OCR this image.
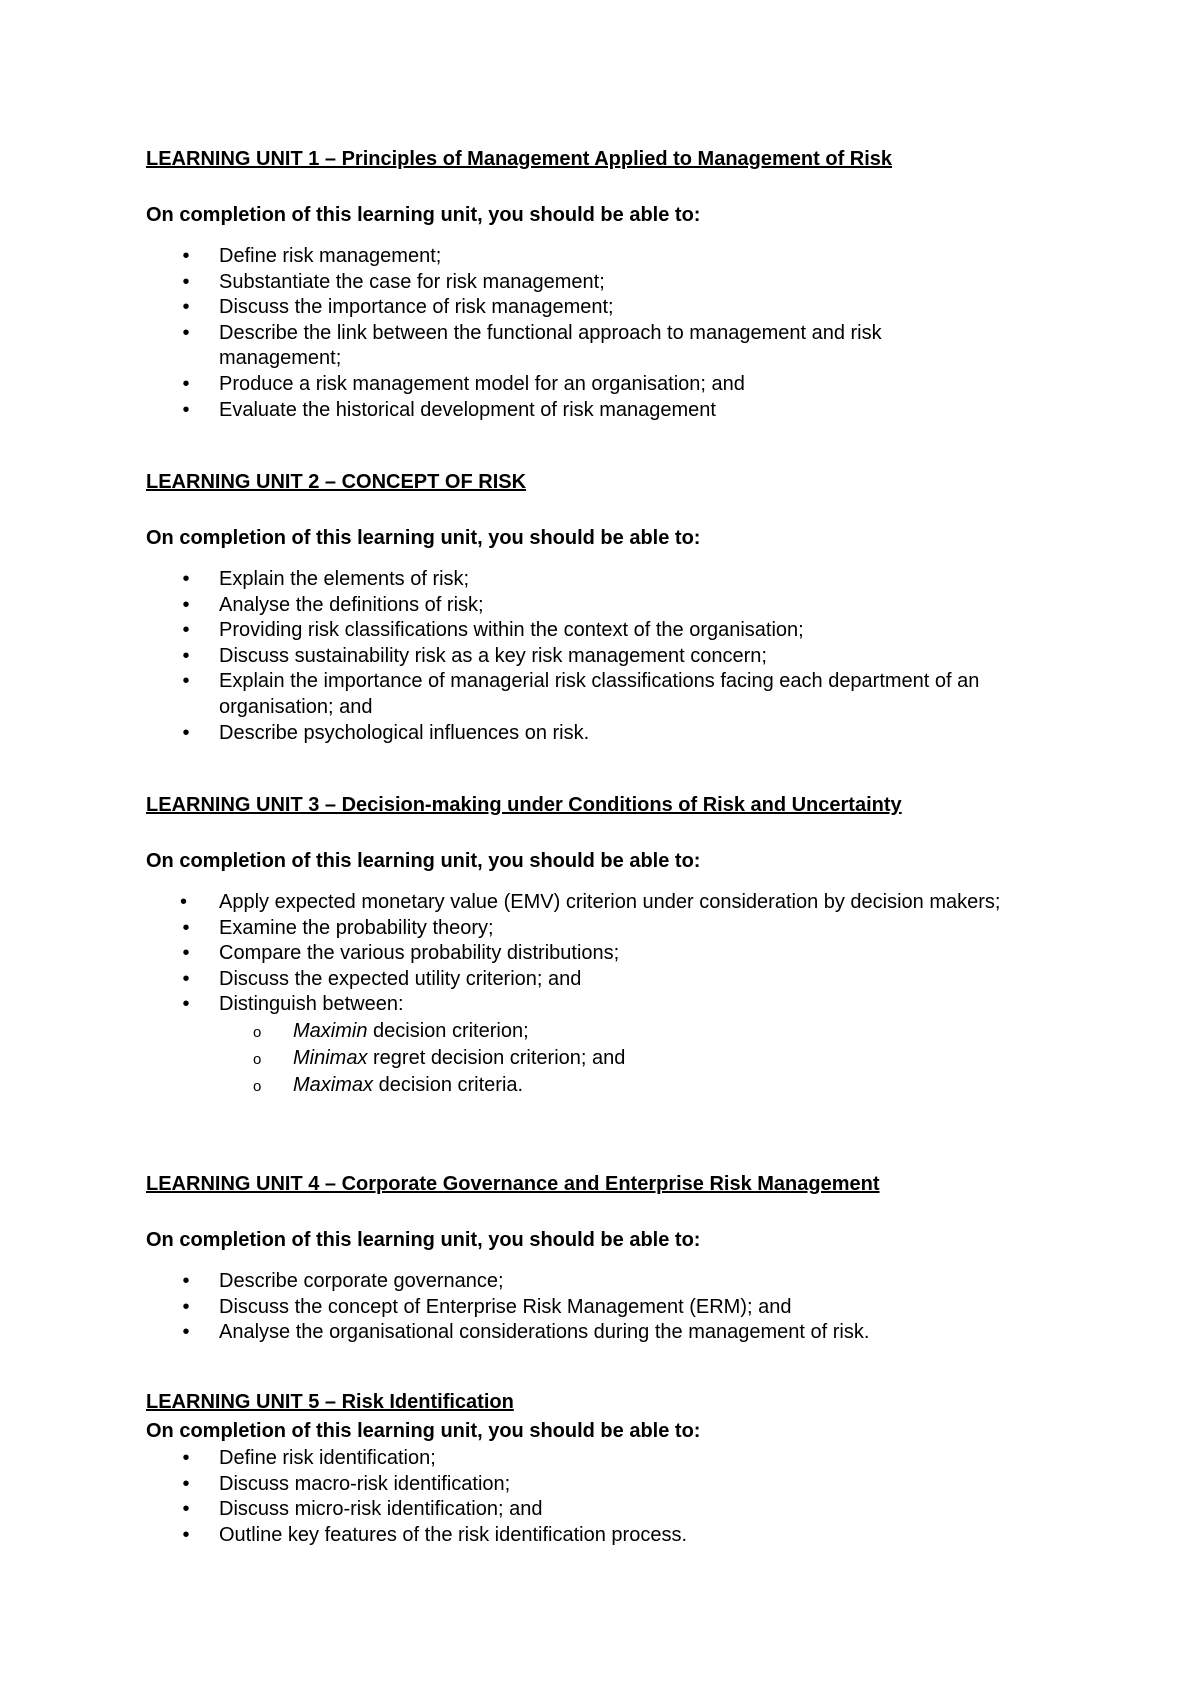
LEARNING UNIT 1 – Principles of Management Applied to Management of Risk

On completion of this learning unit, you should be able to:

• Define risk management;
• Substantiate the case for risk management;
• Discuss the importance of risk management;
• Describe the link between the functional approach to management and risk management;
• Produce a risk management model for an organisation; and
• Evaluate the historical development of risk management
LEARNING UNIT 2 – CONCEPT OF RISK

On completion of this learning unit, you should be able to:

• Explain the elements of risk;
• Analyse the definitions of risk;
• Providing risk classifications within the context of the organisation;
• Discuss sustainability risk as a key risk management concern;
• Explain the importance of managerial risk classifications facing each department of an organisation; and
• Describe psychological influences on risk.
LEARNING UNIT 3 – Decision-making under Conditions of Risk and Uncertainty

On completion of this learning unit, you should be able to:

• Apply expected monetary value (EMV) criterion under consideration by decision makers;
• Examine the probability theory;
• Compare the various probability distributions;
• Discuss the expected utility criterion; and
• Distinguish between:
o Maximin decision criterion;
o Minimax regret decision criterion; and
o Maximax decision criteria.
LEARNING UNIT 4 – Corporate Governance and Enterprise Risk Management

On completion of this learning unit, you should be able to:

• Describe corporate governance;
• Discuss the concept of Enterprise Risk Management (ERM); and
• Analyse the organisational considerations during the management of risk.
LEARNING UNIT 5 – Risk Identification

On completion of this learning unit, you should be able to:

• Define risk identification;
• Discuss macro-risk identification;
• Discuss micro-risk identification; and
• Outline key features of the risk identification process.
